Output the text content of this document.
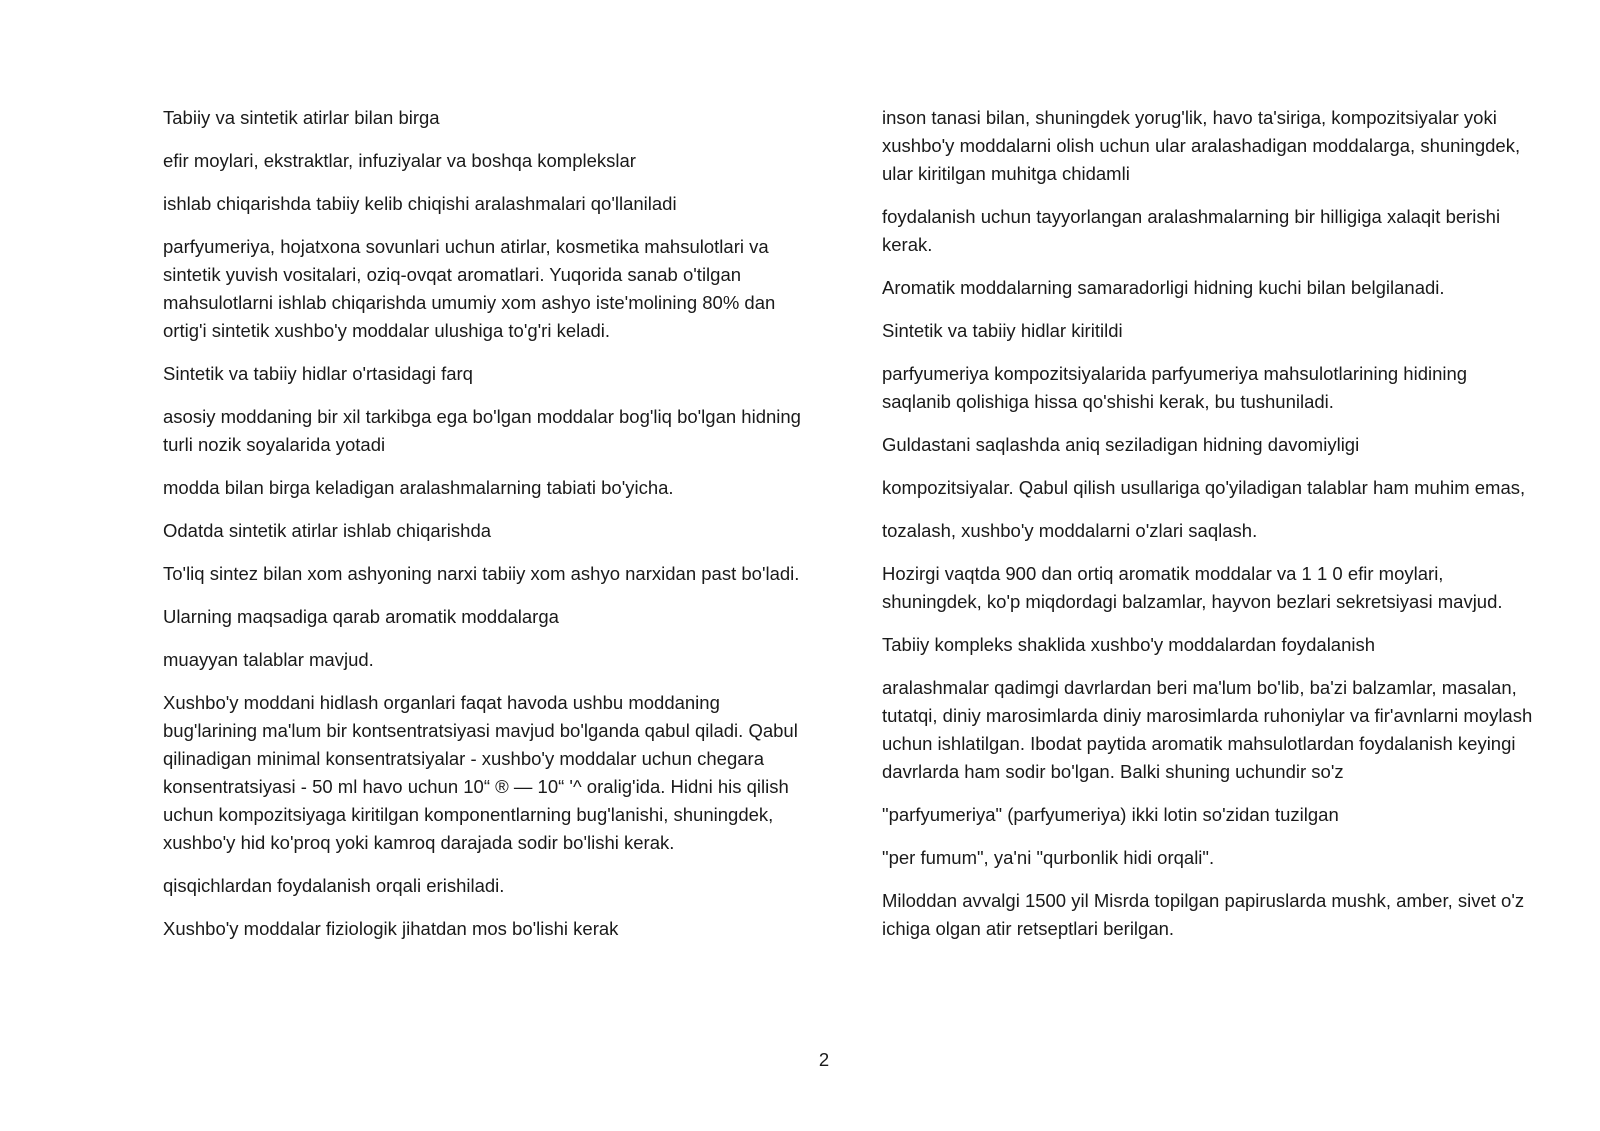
Tabiiy va sintetik atirlar bilan birga

efir moylari, ekstraktlar, infuziyalar va boshqa komplekslar

ishlab chiqarishda tabiiy kelib chiqishi aralashmalari qo'llaniladi

parfyumeriya, hojatxona sovunlari uchun atirlar, kosmetika mahsulotlari va sintetik yuvish vositalari, oziq-ovqat aromatlari. Yuqorida sanab o'tilgan mahsulotlarni ishlab chiqarishda umumiy xom ashyo iste'molining 80% dan ortig'i sintetik xushbo'y moddalar ulushiga to'g'ri keladi.

Sintetik va tabiiy hidlar o'rtasidagi farq

asosiy moddaning bir xil tarkibga ega bo'lgan moddalar bog'liq bo'lgan hidning turli nozik soyalarida yotadi

modda bilan birga keladigan aralashmalarning tabiati bo'yicha.

Odatda sintetik atirlar ishlab chiqarishda

To'liq sintez bilan xom ashyoning narxi tabiiy xom ashyo narxidan past bo'ladi.

Ularning maqsadiga qarab aromatik moddalarga

muayyan talablar mavjud.

Xushbo'y moddani hidlash organlari faqat havoda ushbu moddaning bug'larining ma'lum bir kontsentratsiyasi mavjud bo'lganda qabul qiladi. Qabul qilinadigan minimal konsentratsiyalar - xushbo'y moddalar uchun chegara konsentratsiyasi - 50 ml havo uchun 10“ ® — 10“ '^ oralig'ida. Hidni his qilish uchun kompozitsiyaga kiritilgan komponentlarning bug'lanishi, shuningdek, xushbo'y hid ko'proq yoki kamroq darajada sodir bo'lishi kerak.

qisqichlardan foydalanish orqali erishiladi.

Xushbo'y moddalar fiziologik jihatdan mos bo'lishi kerak

inson tanasi bilan, shuningdek yorug'lik, havo ta'siriga, kompozitsiyalar yoki xushbo'y moddalarni olish uchun ular aralashadigan moddalarga, shuningdek, ular kiritilgan muhitga chidamli

foydalanish uchun tayyorlangan aralashmalarning bir hilligiga xalaqit berishi kerak.

Aromatik moddalarning samaradorligi hidning kuchi bilan belgilanadi.

Sintetik va tabiiy hidlar kiritildi

parfyumeriya kompozitsiyalarida parfyumeriya mahsulotlarining hidining saqlanib qolishiga hissa qo'shishi kerak, bu tushuniladi.

Guldastani saqlashda aniq seziladigan hidning davomiyligi

kompozitsiyalar. Qabul qilish usullariga qo'yiladigan talablar ham muhim emas,

tozalash, xushbo'y moddalarni o'zlari saqlash.

Hozirgi vaqtda 900 dan ortiq aromatik moddalar va 1 1 0 efir moylari, shuningdek, ko'p miqdordagi balzamlar, hayvon bezlari sekretsiyasi mavjud.

Tabiiy kompleks shaklida xushbo'y moddalardan foydalanish

aralashmalar qadimgi davrlardan beri ma'lum bo'lib, ba'zi balzamlar, masalan, tutatqi, diniy marosimlarda diniy marosimlarda ruhoniylar va fir'avnlarni moylash uchun ishlatilgan. Ibodat paytida aromatik mahsulotlardan foydalanish keyingi davrlarda ham sodir bo'lgan. Balki shuning uchundir so'z

"parfyumeriya" (parfyumeriya) ikki lotin so'zidan tuzilgan

"per fumum", ya'ni "qurbonlik hidi orqali".

Miloddan avvalgi 1500 yil Misrda topilgan papiruslarda mushk, amber, sivet o'z ichiga olgan atir retseptlari berilgan.

2
